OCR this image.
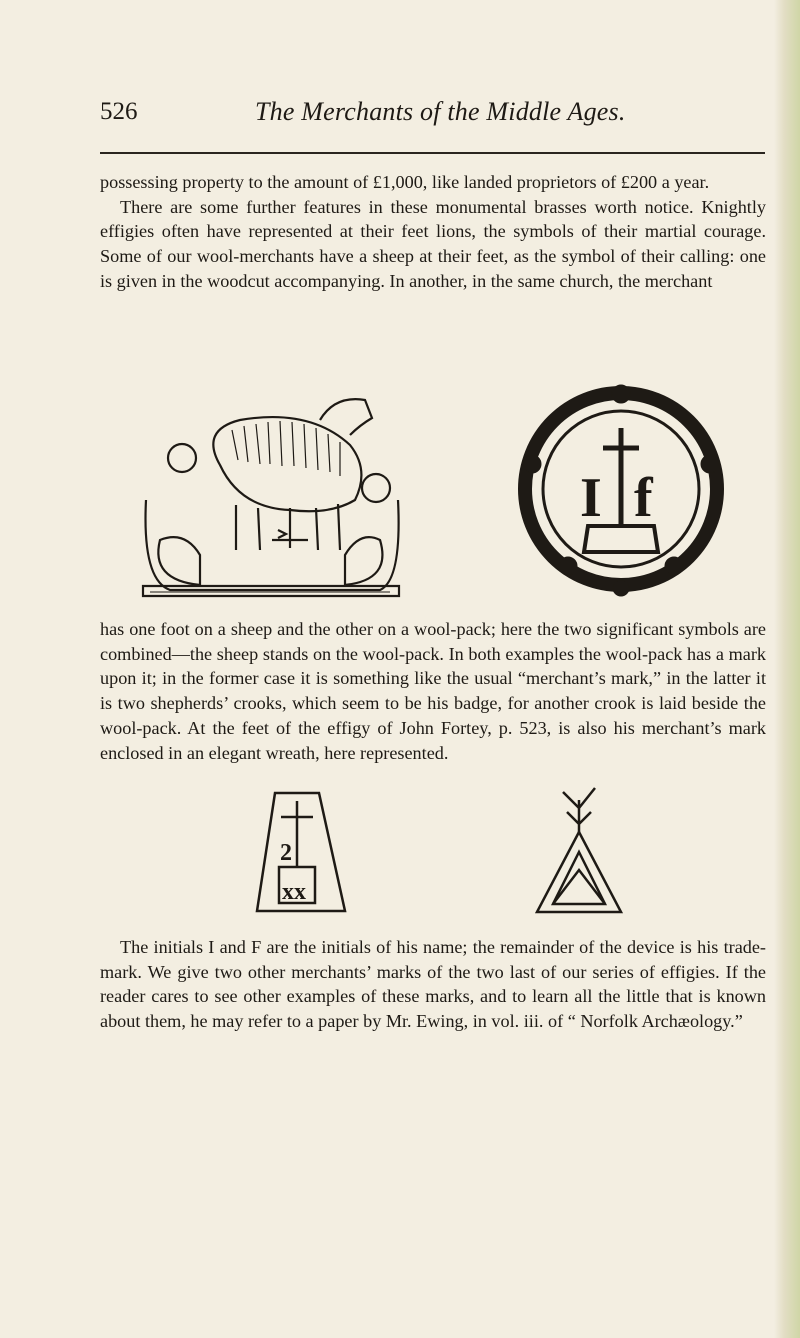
526	The Merchants of the Middle Ages.

possessing property to the amount of £1,000, like landed proprietors of £200 a year.

There are some further features in these monumental brasses worth notice. Knightly effigies often have represented at their feet lions, the symbols of their martial courage. Some of our wool-merchants have a sheep at their feet, as the symbol of their calling: one is given in the woodcut accompanying. In another, in the same church, the merchant

I f

has one foot on a sheep and the other on a wool-pack; here the two significant symbols are combined—the sheep stands on the wool-pack. In both examples the wool-pack has a mark upon it; in the former case it is something like the usual “merchant’s mark,” in the latter it is two shepherds’ crooks, which seem to be his badge, for another crook is laid beside the wool-pack. At the feet of the effigy of John Fortey, p. 523, is also his merchant’s mark enclosed in an elegant wreath, here represented.

2
xx

The initials I and F are the initials of his name; the remainder of the device is his trade-mark. We give two other merchants’ marks of the two last of our series of effigies. If the reader cares to see other examples of these marks, and to learn all the little that is known about them, he may refer to a paper by Mr. Ewing, in vol. iii. of “ Norfolk Archæology.”
